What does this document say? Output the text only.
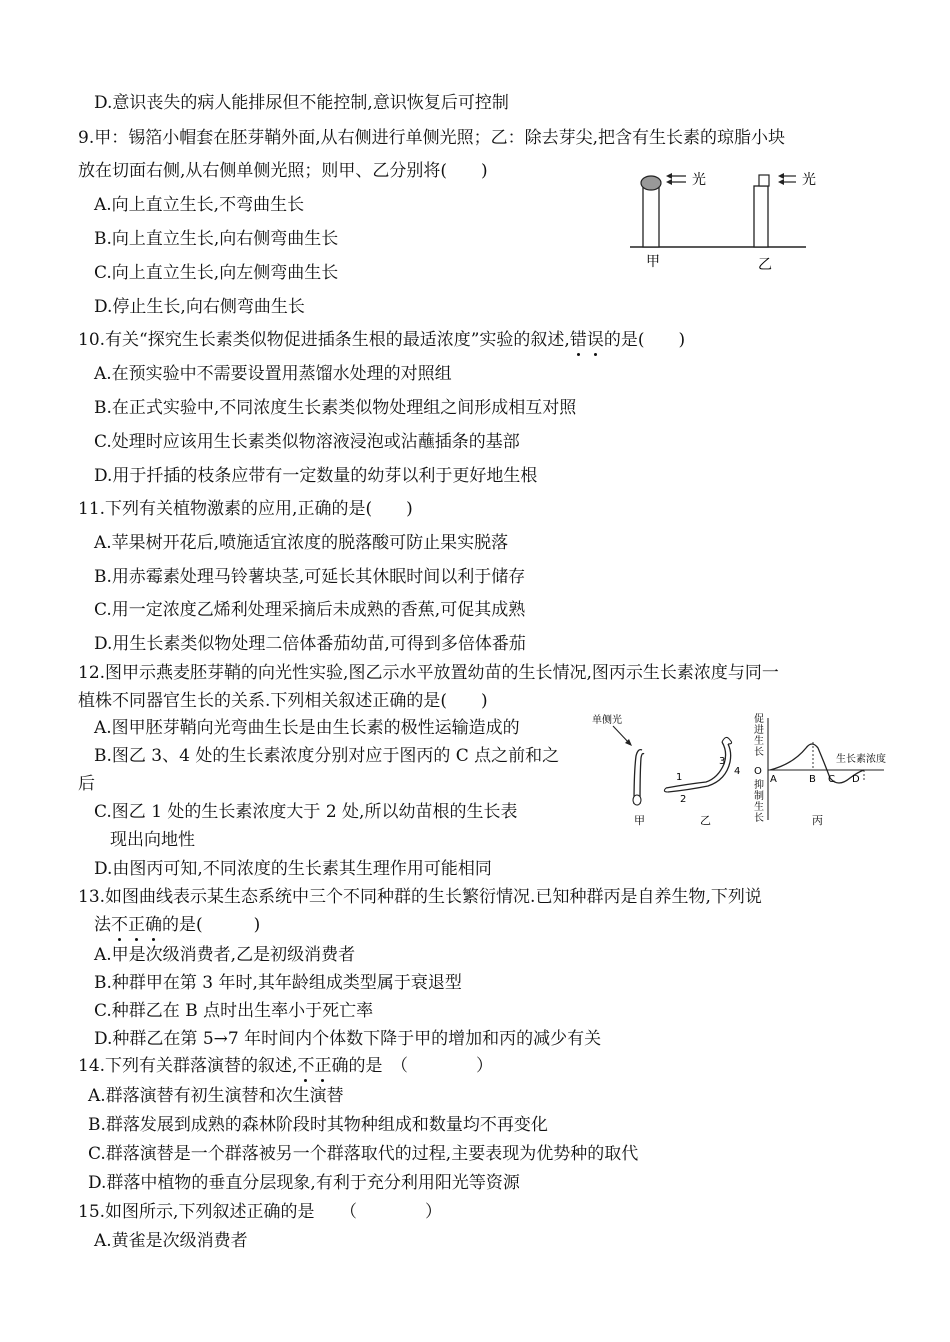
D.意识丧失的病人能排尿但不能控制,意识恢复后可控制
9.甲：锡箔小帽套在胚芽鞘外面,从右侧进行单侧光照；乙：除去芽尖,把含有生长素的琼脂小块
放在切面右侧,从右侧单侧光照；则甲、乙分别将(　　)
A.向上直立生长,不弯曲生长
B.向上直立生长,向右侧弯曲生长
C.向上直立生长,向左侧弯曲生长
D.停止生长,向右侧弯曲生长
光
甲
光
乙
10.有关“探究生长素类似物促进插条生根的最适浓度”实验的叙述,错误的是(　　)
A.在预实验中不需要设置用蒸馏水处理的对照组
B.在正式实验中,不同浓度生长素类似物处理组之间形成相互对照
C.处理时应该用生长素类似物溶液浸泡或沾蘸插条的基部
D.用于扦插的枝条应带有一定数量的幼芽以利于更好地生根
11.下列有关植物激素的应用,正确的是(　　)
A.苹果树开花后,喷施适宜浓度的脱落酸可防止果实脱落
B.用赤霉素处理马铃薯块茎,可延长其休眠时间以利于储存
C.用一定浓度乙烯利处理采摘后未成熟的香蕉,可促其成熟
D.用生长素类似物处理二倍体番茄幼苗,可得到多倍体番茄
12.图甲示燕麦胚芽鞘的向光性实验,图乙示水平放置幼苗的生长情况,图丙示生长素浓度与同一
植株不同器官生长的关系.下列相关叙述正确的是(　　)
A.图甲胚芽鞘向光弯曲生长是由生长素的极性运输造成的
B.图乙 3、4 处的生长素浓度分别对应于图丙的 C 点之前和之
后
C.图乙 1 处的生长素浓度大于 2 处,所以幼苗根的生长表
现出向地性
D.由图丙可知,不同浓度的生长素其生理作用可能相同
单侧光
甲
1
2
3
4
乙
促进生长
O
抑制生长
生长素浓度
A	B C D
丙
13.如图曲线表示某生态系统中三个不同种群的生长繁衍情况.已知种群丙是自养生物,下列说
法不正确的是(　　　)
A.甲是次级消费者,乙是初级消费者
B.种群甲在第 3 年时,其年龄组成类型属于衰退型
C.种群乙在 B 点时出生率小于死亡率
D.种群乙在第 5→7 年时间内个体数下降于甲的增加和丙的减少有关
14.下列有关群落演替的叙述,不正确的是　（　　　　）
A.群落演替有初生演替和次生演替
B.群落发展到成熟的森林阶段时其物种组成和数量均不再变化
C.群落演替是一个群落被另一个群落取代的过程,主要表现为优势种的取代
D.群落中植物的垂直分层现象,有利于充分利用阳光等资源
15.如图所示,下列叙述正确的是　　（　　　　）
A.黄雀是次级消费者
